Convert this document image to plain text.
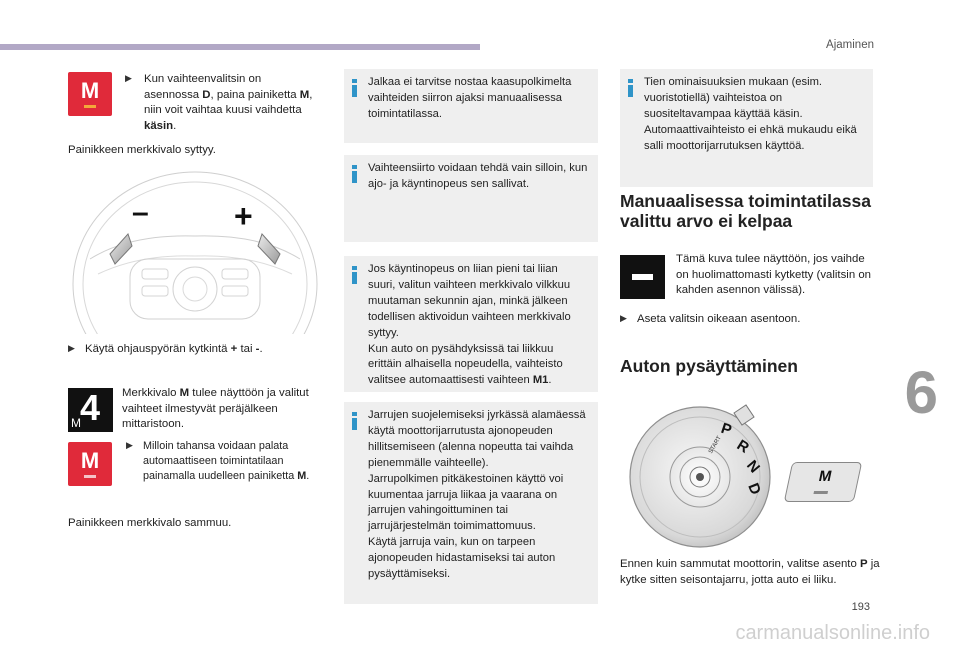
Ajaminen
6
193
carmanualsonline.info
M	▶	Kun vaihteenvalitsin on asennossa D, paina painiketta M, niin voit vaihtaa kuusi vaihdetta käsin.
Painikkeen merkkivalo syttyy.
–	+
▶ Käytä ohjauspyörän kytkintä + tai -.
4
M
Merkkivalo M tulee näyttöön ja valitut vaihteet ilmestyvät peräjälkeen mittaristoon.
M
▶ Milloin tahansa voidaan palata automaattiseen toimintatilaan painamalla uudelleen painiketta M.
Painikkeen merkkivalo sammuu.
Jalkaa ei tarvitse nostaa kaasupolkimelta vaihteiden siirron ajaksi manuaalisessa toimintatilassa.
Vaihteensiirto voidaan tehdä vain silloin, kun ajo- ja käyntinopeus sen sallivat.
Jos käyntinopeus on liian pieni tai liian suuri, valitun vaihteen merkkivalo vilkkuu muutaman sekunnin ajan, minkä jälkeen todellisen aktivoidun vaihteen merkkivalo syttyy.
Kun auto on pysähdyksissä tai liikkuu erittäin alhaisella nopeudella, vaihteisto valitsee automaattisesti vaihteen M1.
Jarrujen suojelemiseksi jyrkässä alamäessä käytä moottorijarrutusta ajonopeuden hillitsemiseen (alenna nopeutta tai vaihda pienemmälle vaihteelle).
Jarrupolkimen pitkäkestoinen käyttö voi kuumentaa jarruja liikaa ja vaarana on jarrujen vahingoittuminen tai jarrujärjestelmän toimimattomuus.
Käytä jarruja vain, kun on tarpeen ajonopeuden hidastamiseksi tai auton pysäyttämiseksi.
Tien ominaisuuksien mukaan (esim. vuoristotiellä) vaihteistoa on suositeltavampaa käyttää käsin. Automaattivaihteisto ei ehkä mukaudu eikä salli moottorijarrutuksen käyttöä.
Manuaalisessa toimintatilassa valittu arvo ei kelpaa
Tämä kuva tulee näyttöön, jos vaihde on huolimattomasti kytketty (valitsin on kahden asennon välissä).
▶ Aseta valitsin oikeaan asentoon.
Auton pysäyttäminen
P
R
N
D
START
M
Ennen kuin sammutat moottorin, valitse asento P ja kytke sitten seisontajarru, jotta auto ei liiku.
